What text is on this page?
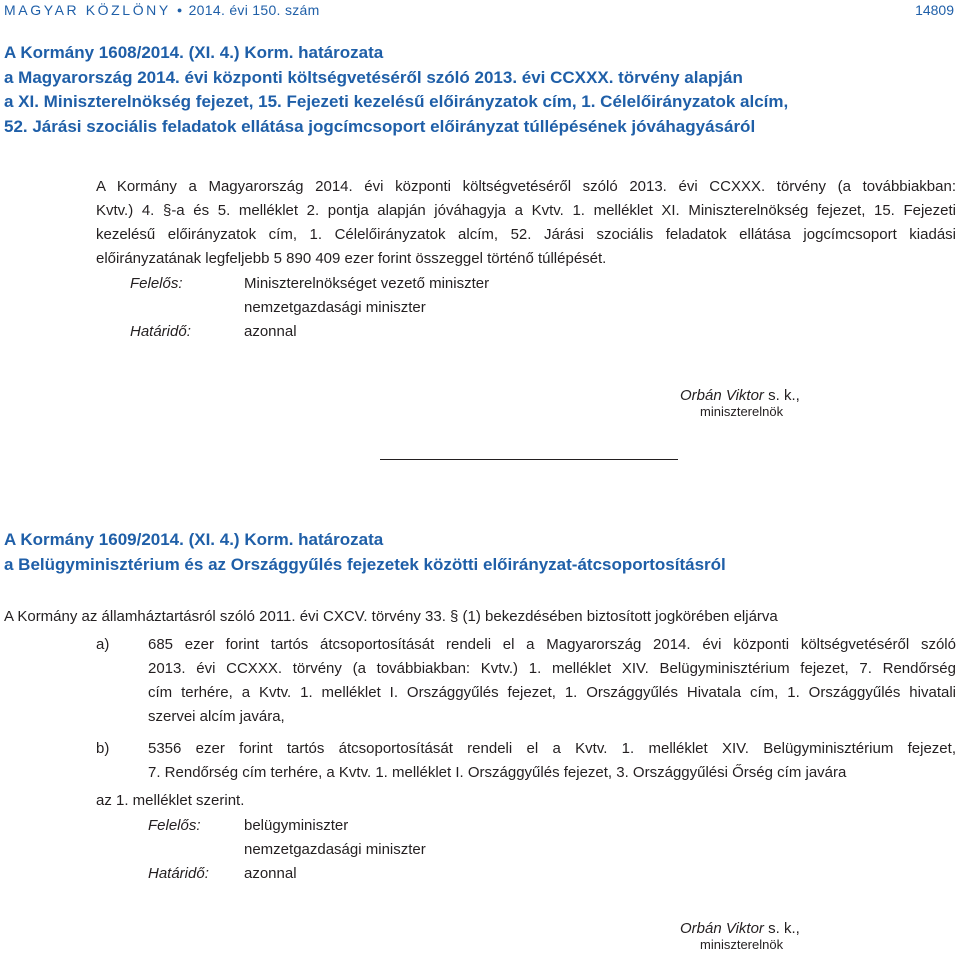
MAGYAR KÖZLÖNY ● 2014. évi 150. szám	14809
A Kormány 1608/2014. (XI. 4.) Korm. határozata
a Magyarország 2014. évi központi költségvetéséről szóló 2013. évi CCXXX. törvény alapján
a XI. Miniszterelnökség fejezet, 15. Fejezeti kezelésű előirányzatok cím, 1. Célelőirányzatok alcím,
52. Járási szociális feladatok ellátása jogcímcsoport előirányzat túllépésének jóváhagyásáról
A Kormány a Magyarország 2014. évi központi költségvetéséről szóló 2013. évi CCXXX. törvény (a továbbiakban:
Kvtv.) 4. §-a és 5. melléklet 2. pontja alapján jóváhagyja a Kvtv. 1. melléklet XI. Miniszterelnökség fejezet, 15. Fejezeti
kezelésű előirányzatok cím, 1. Célelőirányzatok alcím, 52. Járási szociális feladatok ellátása jogcímcsoport kiadási
előirányzatának legfeljebb 5 890 409 ezer forint összeggel történő túllépését.
Felelős:	Miniszterelnökséget vezető miniszter
nemzetgazdasági miniszter
Határidő:	azonnal
Orbán Viktor s. k.,
miniszterelnök
A Kormány 1609/2014. (XI. 4.) Korm. határozata
a Belügyminisztérium és az Országgyűlés fejezetek közötti előirányzat-átcsoportosításról
A Kormány az államháztartásról szóló 2011. évi CXCV. törvény 33. § (1) bekezdésében biztosított jogkörében eljárva
a)	685 ezer forint tartós átcsoportosítását rendeli el a Magyarország 2014. évi központi költségvetéséről szóló
2013. évi CCXXX. törvény (a továbbiakban: Kvtv.) 1. melléklet XIV. Belügyminisztérium fejezet, 7. Rendőrség
cím terhére, a Kvtv. 1. melléklet I. Országgyűlés fejezet, 1. Országgyűlés Hivatala cím, 1. Országgyűlés hivatali
szervei alcím javára,
b)	5356 ezer forint tartós átcsoportosítását rendeli el a Kvtv. 1. melléklet XIV. Belügyminisztérium fejezet,
7. Rendőrség cím terhére, a Kvtv. 1. melléklet I. Országgyűlés fejezet, 3. Országgyűlési Őrség cím javára
az 1. melléklet szerint.
Felelős:	belügyminiszter
nemzetgazdasági miniszter
Határidő: azonnal
Orbán Viktor s. k.,
miniszterelnök
